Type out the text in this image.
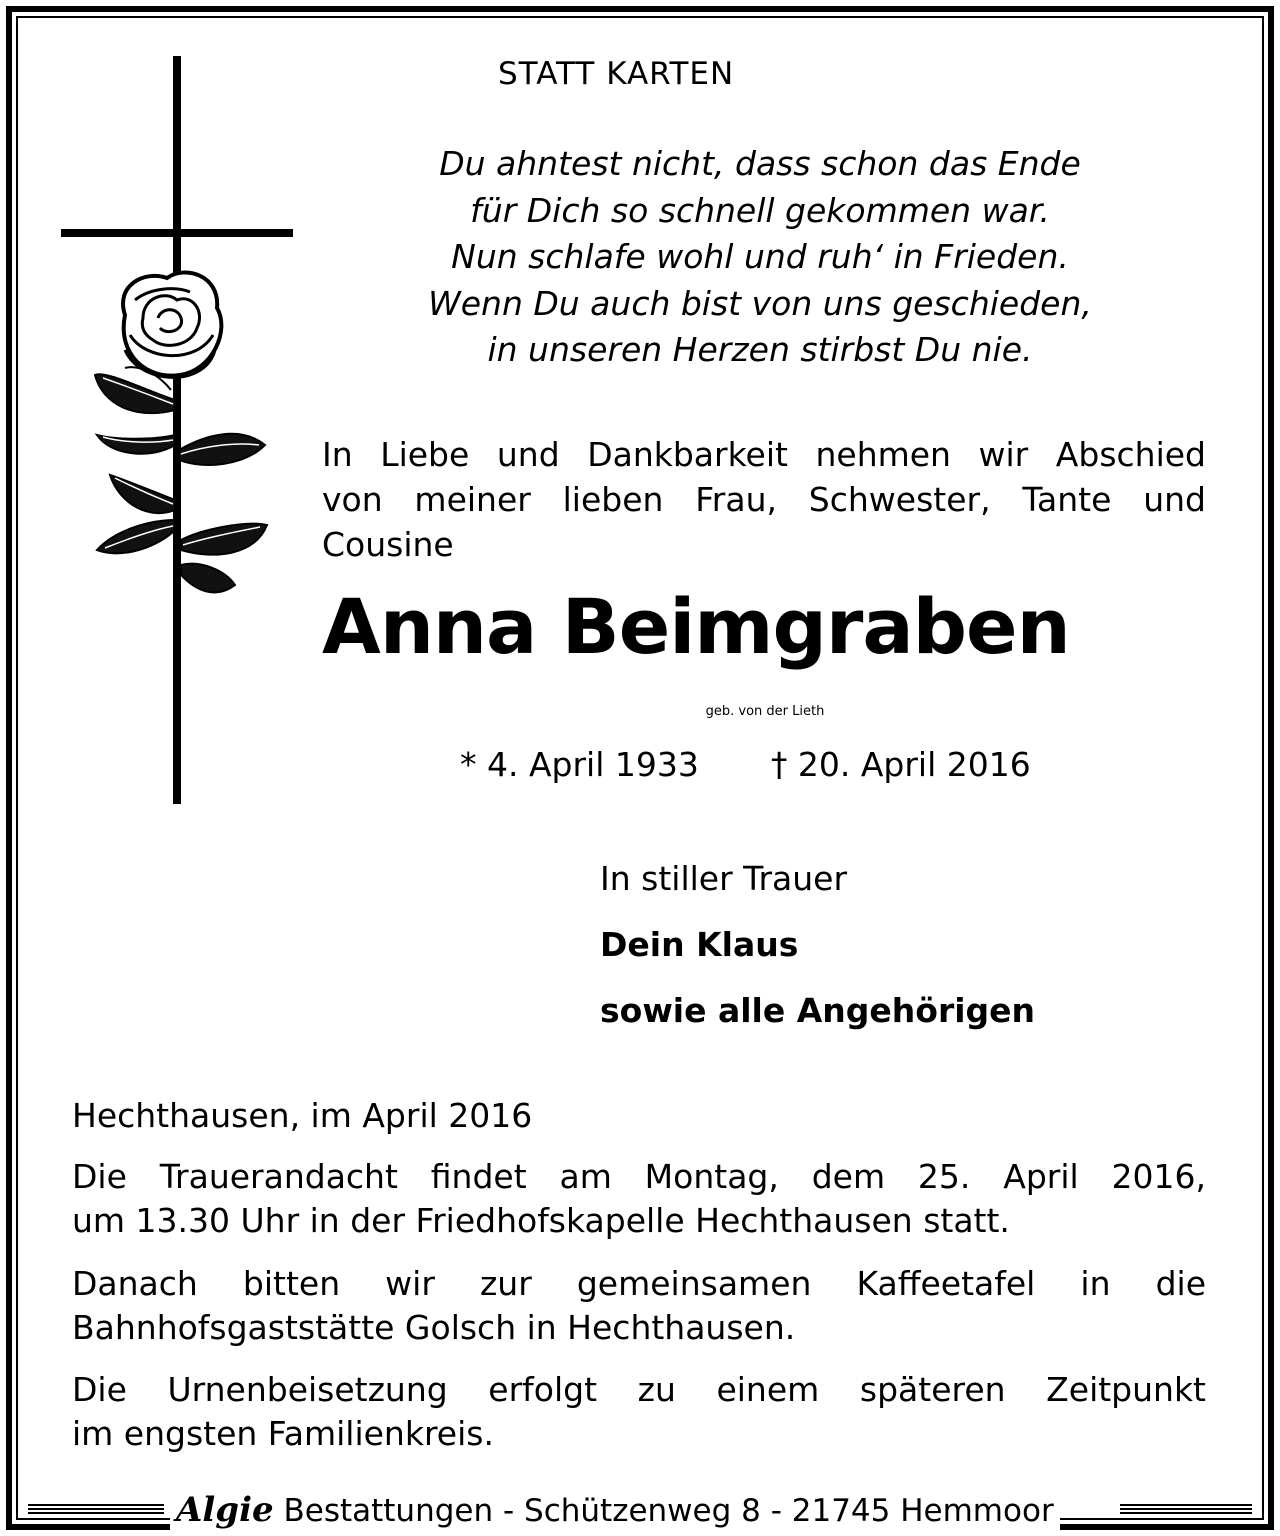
STATT KARTEN
Du ahntest nicht, dass schon das Ende
für Dich so schnell gekommen war.
Nun schlafe wohl und ruh‘ in Frieden.
Wenn Du auch bist von uns geschieden,
in unseren Herzen stirbst Du nie.
In Liebe und Dankbarkeit nehmen wir Abschied
von meiner lieben Frau, Schwester, Tante und
Cousine
Anna Beimgraben
geb. von der Lieth
* 4. April 1933 † 20. April 2016
In stiller Trauer
Dein Klaus
sowie alle Angehörigen
Hechthausen, im April 2016
Die Trauerandacht findet am Montag, dem 25. April 2016,
um 13.30 Uhr in der Friedhofskapelle Hechthausen statt.
Danach bitten wir zur gemeinsamen Kaffeetafel in die
Bahnhofsgaststätte Golsch in Hechthausen.
Die Urnenbeisetzung erfolgt zu einem späteren Zeitpunkt
im engsten Familienkreis.
Algie Bestattungen - Schützenweg 8 - 21745 Hemmoor
